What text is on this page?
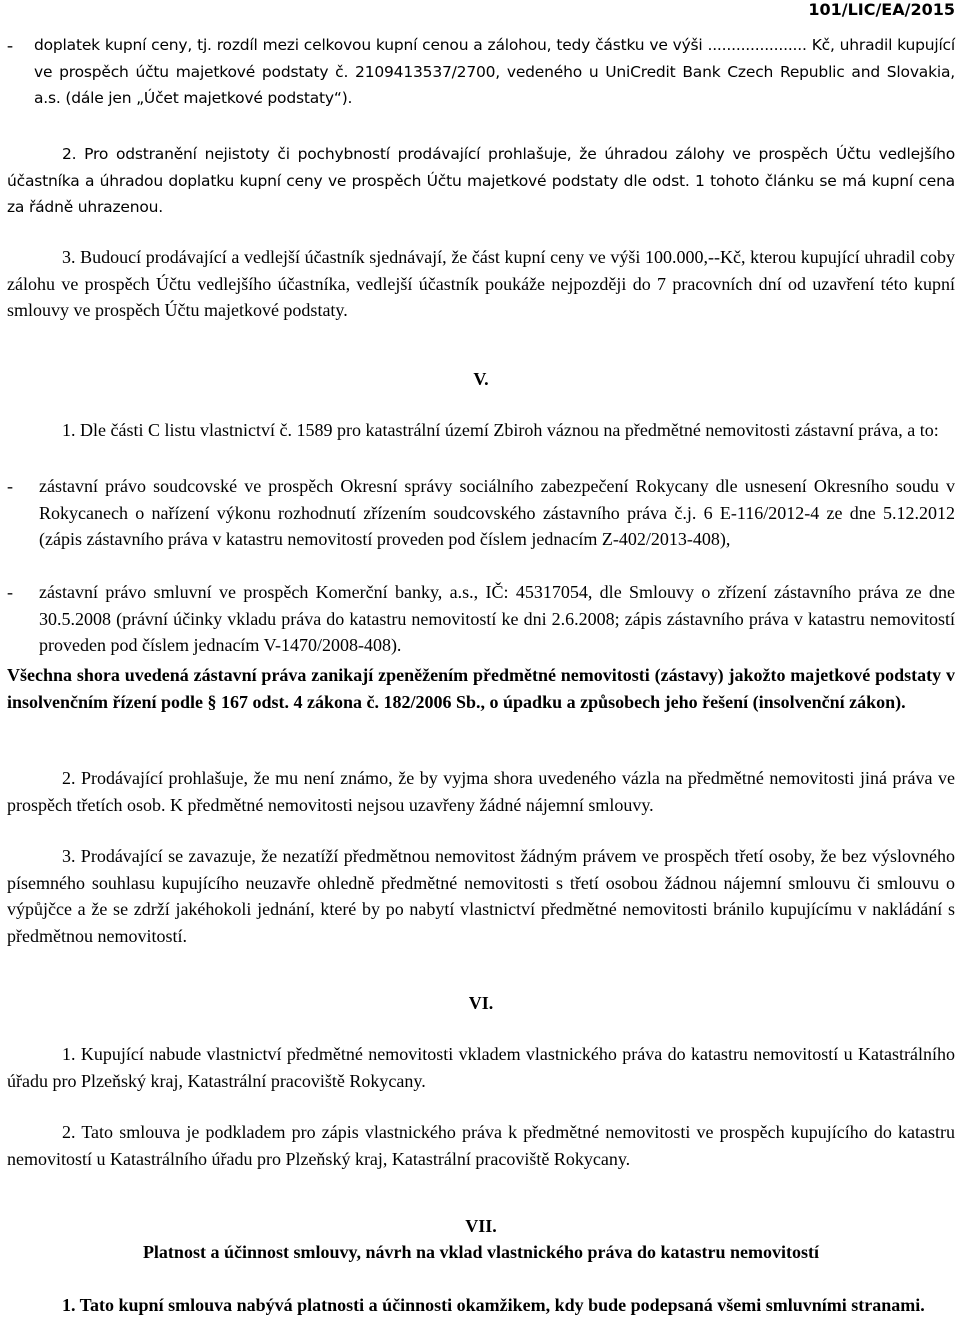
101/LIC/EA/2015
- doplatek kupní ceny, tj. rozdíl mezi celkovou kupní cenou a zálohou, tedy částku ve výši ..................... Kč, uhradil kupující ve prospěch účtu majetkové podstaty č. 2109413537/2700, vedeného u UniCredit Bank Czech Republic and Slovakia, a.s. (dále jen „Účet majetkové podstaty“).

2. Pro odstranění nejistoty či pochybností prodávající prohlašuje, že úhradou zálohy ve prospěch Účtu vedlejšího účastníka a úhradou doplatku kupní ceny ve prospěch Účtu majetkové podstaty dle odst. 1 tohoto článku se má kupní cena za řádně uhrazenou.

3. Budoucí prodávající a vedlejší účastník sjednávají, že část kupní ceny ve výši 100.000,--Kč, kterou kupující uhradil coby zálohu ve prospěch Účtu vedlejšího účastníka, vedlejší účastník poukáže nejpozději do 7 pracovních dní od uzavření této kupní smlouvy ve prospěch Účtu majetkové podstaty.

V.

1. Dle části C listu vlastnictví č. 1589 pro katastrální území Zbiroh váznou na předmětné nemovitosti zástavní práva, a to:

- zástavní právo soudcovské ve prospěch Okresní správy sociálního zabezpečení Rokycany dle usnesení Okresního soudu v Rokycanech o nařízení výkonu rozhodnutí zřízením soudcovského zástavního práva č.j. 6 E-116/2012-4 ze dne 5.12.2012 (zápis zástavního práva v katastru nemovitostí proveden pod číslem jednacím Z-402/2013-408),
- zástavní právo smluvní ve prospěch Komerční banky, a.s., IČ: 45317054, dle Smlouvy o zřízení zástavního práva ze dne 30.5.2008 (právní účinky vkladu práva do katastru nemovitostí ke dni 2.6.2008; zápis zástavního práva v katastru nemovitostí proveden pod číslem jednacím V-1470/2008-408).

Všechna shora uvedená zástavní práva zanikají zpeněžením předmětné nemovitosti (zástavy) jakožto majetkové podstaty v insolvenčním řízení podle § 167 odst. 4 zákona č. 182/2006 Sb., o úpadku a způsobech jeho řešení (insolvenční zákon).

2. Prodávající prohlašuje, že mu není známo, že by vyjma shora uvedeného vázla na předmětné nemovitosti jiná práva ve prospěch třetích osob. K předmětné nemovitosti nejsou uzavřeny žádné nájemní smlouvy.

3. Prodávající se zavazuje, že nezatíží předmětnou nemovitost žádným právem ve prospěch třetí osoby, že bez výslovného písemného souhlasu kupujícího neuzavře ohledně předmětné nemovitosti s třetí osobou žádnou nájemní smlouvu či smlouvu o výpůjčce a že se zdrží jakéhokoli jednání, které by po nabytí vlastnictví předmětné nemovitosti bránilo kupujícímu v nakládání s předmětnou nemovitostí.

VI.

1. Kupující nabude vlastnictví předmětné nemovitosti vkladem vlastnického práva do katastru nemovitostí u Katastrálního úřadu pro Plzeňský kraj, Katastrální pracoviště Rokycany.

2. Tato smlouva je podkladem pro zápis vlastnického práva k předmětné nemovitosti ve prospěch kupujícího do katastru nemovitostí u Katastrálního úřadu pro Plzeňský kraj, Katastrální pracoviště Rokycany.

VII.

Platnost a účinnost smlouvy, návrh na vklad vlastnického práva do katastru nemovitostí

1. Tato kupní smlouva nabývá platnosti a účinnosti okamžikem, kdy bude podepsaná všemi smluvními stranami.
